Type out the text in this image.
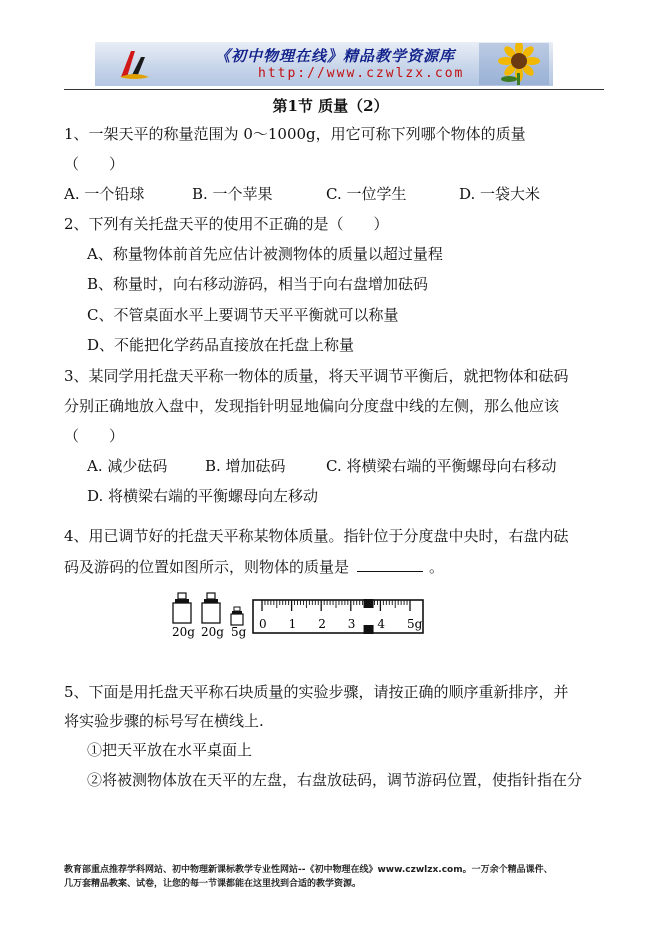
《初中物理在线》精品教学资源库
http://www.czwlzx.com
第1节 质量（2）
1、一架天平的称量范围为 0～1000g，用它可称下列哪个物体的质量
（　　）
A. 一个铅球	B. 一个苹果	C. 一位学生	D. 一袋大米
2、下列有关托盘天平的使用不正确的是（　　）
A、称量物体前首先应估计被测物体的质量以超过量程
B、称量时，向右移动游码，相当于向右盘增加砝码
C、不管桌面水平上要调节天平平衡就可以称量
D、不能把化学药品直接放在托盘上称量
3、某同学用托盘天平称一物体的质量，将天平调节平衡后，就把物体和砝码
分别正确地放入盘中，发现指针明显地偏向分度盘中线的左侧，那么他应该
（　　）
A. 减少砝码	B. 增加砝码	C. 将横梁右端的平衡螺母向右移动
D. 将横梁右端的平衡螺母向左移动
4、用已调节好的托盘天平称某物体质量。指针位于分度盘中央时，右盘内砝
码及游码的位置如图所示，则物体的质量是	。
20g 20g 5g
0 1 2 3 4 5g
5、下面是用托盘天平称石块质量的实验步骤，请按正确的顺序重新排序，并
将实验步骤的标号写在横线上.
①把天平放在水平桌面上
②将被测物体放在天平的左盘，右盘放砝码，调节游码位置，使指针指在分
教育部重点推荐学科网站、初中物理新课标教学专业性网站--《初中物理在线》www.czwlzx.com。一万余个精品课件、
几万套精品教案、试卷，让您的每一节课都能在这里找到合适的教学资源。
